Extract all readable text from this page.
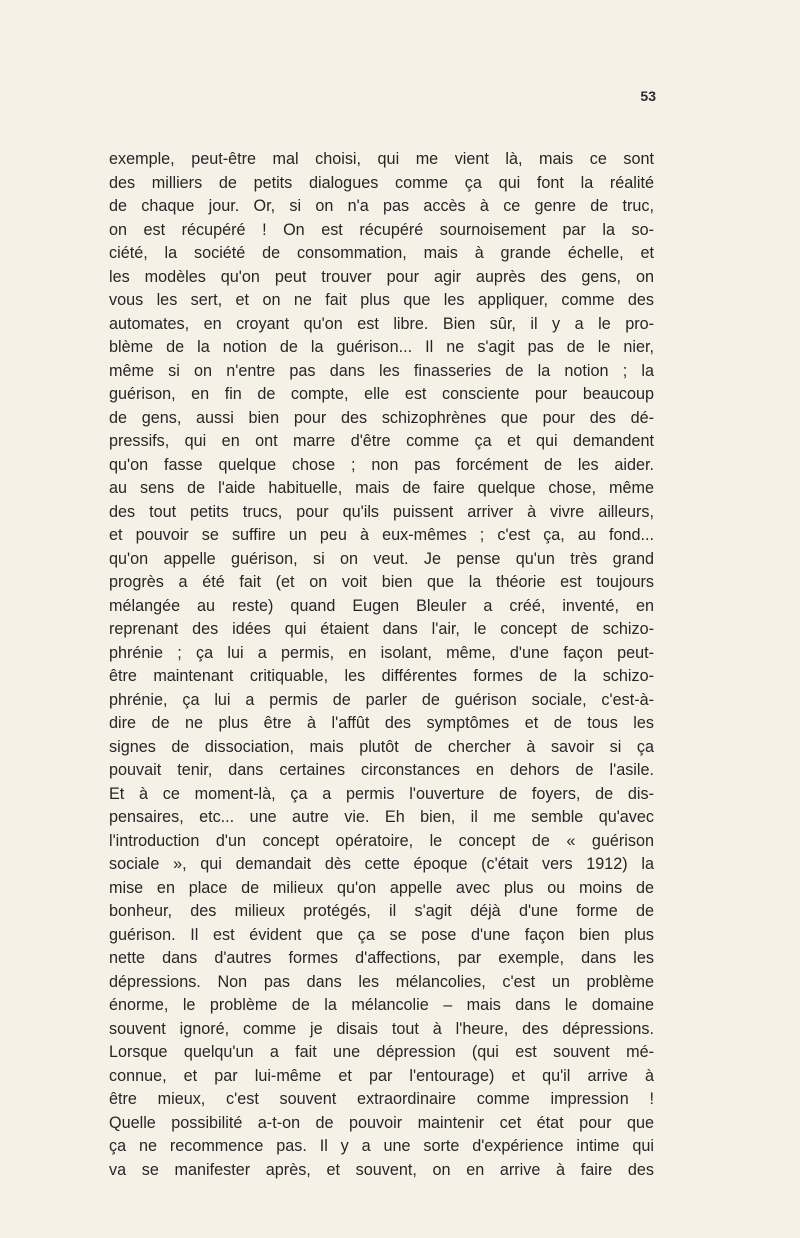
53
exemple, peut-être mal choisi, qui me vient là, mais ce sont
des milliers de petits dialogues comme ça qui font la réalité
de chaque jour. Or, si on n'a pas accès à ce genre de truc,
on est récupéré ! On est récupéré sournoisement par la so-
ciété, la société de consommation, mais à grande échelle, et
les modèles qu'on peut trouver pour agir auprès des gens, on
vous les sert, et on ne fait plus que les appliquer, comme des
automates, en croyant qu'on est libre. Bien sûr, il y a le pro-
blème de la notion de la guérison... Il ne s'agit pas de le nier,
même si on n'entre pas dans les finasseries de la notion ; la
guérison, en fin de compte, elle est consciente pour beaucoup
de gens, aussi bien pour des schizophrènes que pour des dé-
pressifs, qui en ont marre d'être comme ça et qui demandent
qu'on fasse quelque chose ; non pas forcément de les aider.
au sens de l'aide habituelle, mais de faire quelque chose, même
des tout petits trucs, pour qu'ils puissent arriver à vivre ailleurs,
et pouvoir se suffire un peu à eux-mêmes ; c'est ça, au fond...
qu'on appelle guérison, si on veut. Je pense qu'un très grand
progrès a été fait (et on voit bien que la théorie est toujours
mélangée au reste) quand Eugen Bleuler a créé, inventé, en
reprenant des idées qui étaient dans l'air, le concept de schizo-
phrénie ; ça lui a permis, en isolant, même, d'une façon peut-
être maintenant critiquable, les différentes formes de la schizo-
phrénie, ça lui a permis de parler de guérison sociale, c'est-à-
dire de ne plus être à l'affût des symptômes et de tous les
signes de dissociation, mais plutôt de chercher à savoir si ça
pouvait tenir, dans certaines circonstances en dehors de l'asile.
Et à ce moment-là, ça a permis l'ouverture de foyers, de dis-
pensaires, etc... une autre vie. Eh bien, il me semble qu'avec
l'introduction d'un concept opératoire, le concept de « guérison
sociale », qui demandait dès cette époque (c'était vers 1912) la
mise en place de milieux qu'on appelle avec plus ou moins de
bonheur, des milieux protégés, il s'agit déjà d'une forme de
guérison. Il est évident que ça se pose d'une façon bien plus
nette dans d'autres formes d'affections, par exemple, dans les
dépressions. Non pas dans les mélancolies, c'est un problème
énorme, le problème de la mélancolie – mais dans le domaine
souvent ignoré, comme je disais tout à l'heure, des dépressions.
Lorsque quelqu'un a fait une dépression (qui est souvent mé-
connue, et par lui-même et par l'entourage) et qu'il arrive à
être mieux, c'est souvent extraordinaire comme impression !
Quelle possibilité a-t-on de pouvoir maintenir cet état pour que
ça ne recommence pas. Il y a une sorte d'expérience intime qui
va se manifester après, et souvent, on en arrive à faire des
